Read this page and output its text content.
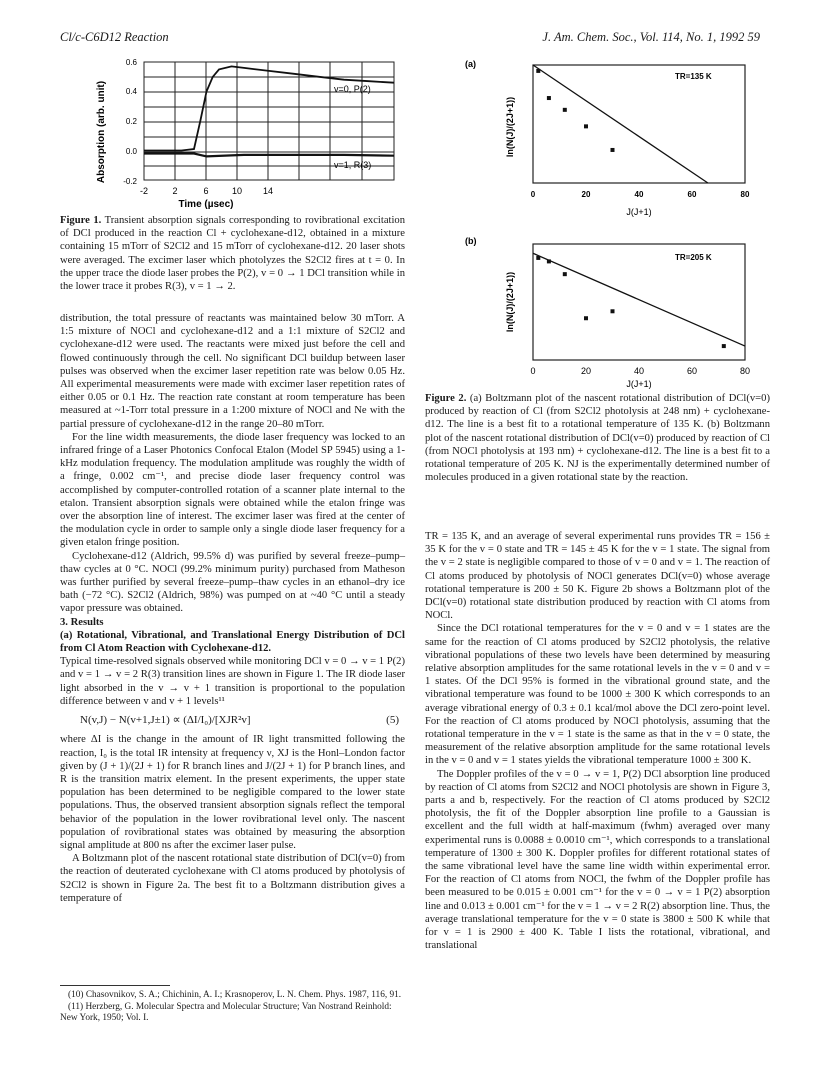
Cl/c-C6D12 Reaction	J. Am. Chem. Soc., Vol. 114, No. 1, 1992 59
Absorption (arb. unit)
0.6
0.4
0.2
0.0
-0.2
-2	2	6	10 14
Time (µsec)
v=0, P(2)
v=1, R(3)
Figure 1. Transient absorption signals corresponding to rovibrational excitation of DCl produced in the reaction Cl + cyclohexane-d12, obtained in a mixture containing 15 mTorr of S2Cl2 and 15 mTorr of cyclohexane-d12. 20 laser shots were averaged. The excimer laser which photolyzes the S2Cl2 fires at t = 0. In the upper trace the diode laser probes the P(2), v = 0 → 1 DCl transition while in the lower trace it probes R(3), v = 1 → 2.

distribution, the total pressure of reactants was maintained below 30 mTorr. A 1:5 mixture of NOCl and cyclohexane-d12 and a 1:1 mixture of S2Cl2 and cyclohexane-d12 were used. The reactants were mixed just before the cell and flowed continuously through the cell. No significant DCl buildup between laser pulses was observed when the excimer laser repetition rate was below 0.05 Hz. All experimental measurements were made with excimer laser repetition rates of either 0.05 or 0.1 Hz. The reaction rate constant at room temperature has been measured at ~1-Torr total pressure in a 1:200 mixture of NOCl and Ne with the partial pressure of cyclohexane-d12 in the range 20–80 mTorr.

For the line width measurements, the diode laser frequency was locked to an infrared fringe of a Laser Photonics Confocal Etalon (Model SP 5945) using a 1-kHz modulation frequency. The modulation amplitude was roughly the width of a fringe, 0.002 cm⁻¹, and precise diode laser frequency control was accomplished by computer-controlled rotation of a scanner plate internal to the etalon. Transient absorption signals were obtained while the etalon fringe was over the absorption line of interest. The excimer laser was fired at the center of the modulation cycle in order to sample only a single diode laser frequency for a given etalon fringe position.

Cyclohexane-d12 (Aldrich, 99.5% d) was purified by several freeze–pump–thaw cycles at 0 °C. NOCl (99.2% minimum purity) purchased from Matheson was further purified by several freeze–pump–thaw cycles in an ethanol–dry ice bath (−72 °C). S2Cl2 (Aldrich, 98%) was pumped on at ~40 °C until a steady vapor pressure was obtained.

3. Results

(a) Rotational, Vibrational, and Translational Energy Distribution of DCl from Cl Atom Reaction with Cyclohexane-d12.

Typical time-resolved signals observed while monitoring DCl v = 0 → v = 1 P(2) and v = 1 → v = 2 R(3) transition lines are shown in Figure 1. The IR diode laser light absorbed in the v → v + 1 transition is proportional to the population difference between v and v + 1 levels¹¹

N(v,J) − N(v+1,J±1) ∝ (ΔI/I₀)/[XJR²v]	(5)

where ΔI is the change in the amount of IR light transmitted following the reaction, I₀ is the total IR intensity at frequency ν, XJ is the Honl–London factor given by (J + 1)/(2J + 1) for R branch lines and J/(2J + 1) for P branch lines, and R is the transition matrix element. In the present experiments, the upper state population has been determined to be negligible compared to the lower state populations. Thus, the observed transient absorption signals reflect the temporal behavior of the population in the lower rovibrational level only. The nascent population of rovibrational states was obtained by measuring the absorption signal amplitude at 800 ns after the excimer laser pulse.

A Boltzmann plot of the nascent rotational state distribution of DCl(v=0) from the reaction of deuterated cyclohexane with Cl atoms produced by photolysis of S2Cl2 is shown in Figure 2a. The best fit to a Boltzmann distribution gives a temperature of

(10) Chasovnikov, S. A.; Chichinin, A. I.; Krasnoperov, L. N. Chem. Phys. 1987, 116, 91.

(11) Herzberg, G. Molecular Spectra and Molecular Structure; Van Nostrand Reinhold: New York, 1950; Vol. I.

(a)
ln(N(J)/(2J+1))
TR=135 K
0	20	40	60	80
J(J+1)
(b)
ln(N(J)/(2J+1))
TR=205 K
0	20	40	60	80
J(J+1)
Figure 2. (a) Boltzmann plot of the nascent rotational distribution of DCl(v=0) produced by reaction of Cl (from S2Cl2 photolysis at 248 nm) + cyclohexane-d12. The line is a best fit to a rotational temperature of 135 K. (b) Boltzmann plot of the nascent rotational distribution of DCl(v=0) produced by reaction of Cl (from NOCl photolysis at 193 nm) + cyclohexane-d12. The line is a best fit to a rotational temperature of 205 K. NJ is the experimentally determined number of molecules produced in a given rotational state by the reaction.

TR = 135 K, and an average of several experimental runs provides TR = 156 ± 35 K for the v = 0 state and TR = 145 ± 45 K for the v = 1 state. The signal from the v = 2 state is negligible compared to those of v = 0 and v = 1. The reaction of Cl atoms produced by photolysis of NOCl generates DCl(v=0) whose average rotational temperature is 200 ± 50 K. Figure 2b shows a Boltzmann plot of the DCl(v=0) rotational state distribution produced by reaction with Cl atoms from NOCl.

Since the DCl rotational temperatures for the v = 0 and v = 1 states are the same for the reaction of Cl atoms produced by S2Cl2 photolysis, the relative vibrational populations of these two levels have been determined by measuring relative absorption amplitudes for the same rotational levels in the v = 0 and v = 1 states. Of the DCl 95% is formed in the vibrational ground state, and the vibrational temperature was found to be 1000 ± 300 K which corresponds to an average vibrational energy of 0.3 ± 0.1 kcal/mol above the DCl zero-point level. For the reaction of Cl atoms produced by NOCl photolysis, assuming that the rotational temperature in the v = 1 state is the same as that in the v = 0 state, the measurement of the relative absorption amplitude for the same rotational levels in the v = 0 and v = 1 states yields the vibrational temperature 1000 ± 300 K.

The Doppler profiles of the v = 0 → v = 1, P(2) DCl absorption line produced by reaction of Cl atoms from S2Cl2 and NOCl photolysis are shown in Figure 3, parts a and b, respectively. For the reaction of Cl atoms produced by S2Cl2 photolysis, the fit of the Doppler absorption line profile to a Gaussian is excellent and the full width at half-maximum (fwhm) averaged over many experimental runs is 0.0088 ± 0.0010 cm⁻¹, which corresponds to a translational temperature of 1300 ± 300 K. Doppler profiles for different rotational states of the same vibrational level have the same line width within experimental error. For the reaction of Cl atoms from NOCl, the fwhm of the Doppler profile has been measured to be 0.015 ± 0.001 cm⁻¹ for the v = 0 → v = 1 P(2) absorption line and 0.013 ± 0.001 cm⁻¹ for the v = 1 → v = 2 R(2) absorption line. Thus, the average translational temperature for the v = 0 state is 3800 ± 500 K while that for v = 1 is 2900 ± 400 K. Table I lists the rotational, vibrational, and translational
